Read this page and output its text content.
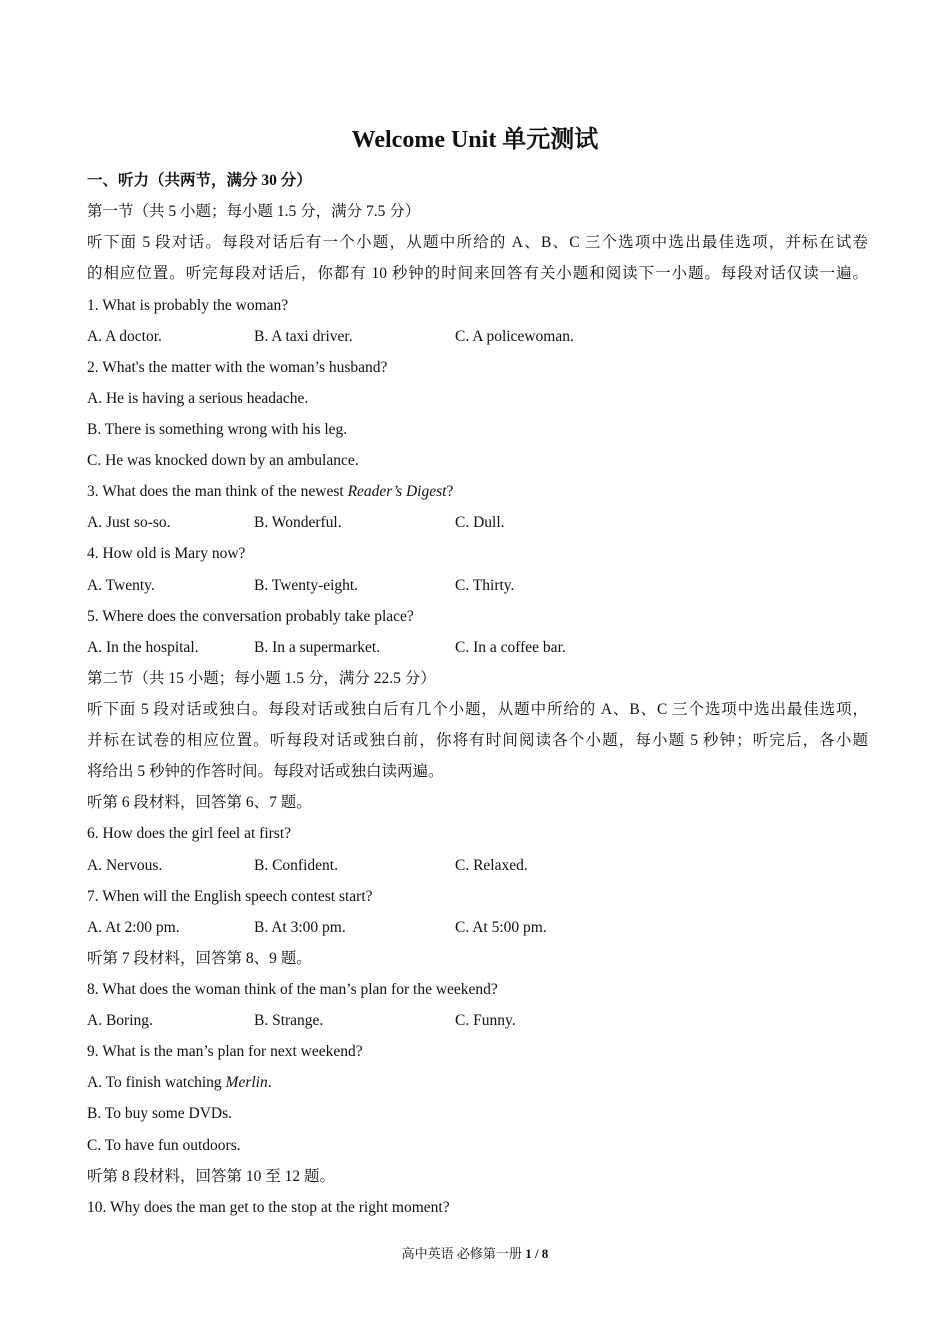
Welcome Unit 单元测试
一、听力（共两节，满分 30 分）
第一节（共 5 小题；每小题 1.5 分，满分 7.5 分）
听下面 5 段对话。每段对话后有一个小题，从题中所给的 A、B、C 三个选项中选出最佳选项，并标在试卷
的相应位置。听完每段对话后，你都有 10 秒钟的时间来回答有关小题和阅读下一小题。每段对话仅读一遍。
1. What is probably the woman?
A. A doctor.	B. A taxi driver.	C. A policewoman.
2. What's the matter with the woman’s husband?
A. He is having a serious headache.
B. There is something wrong with his leg.
C. He was knocked down by an ambulance.
3. What does the man think of the newest Reader’s Digest?
A. Just so-so.	B. Wonderful.	C. Dull.
4. How old is Mary now?
A. Twenty.	B. Twenty-eight.	C. Thirty.
5. Where does the conversation probably take place?
A. In the hospital.	B. In a supermarket.	C. In a coffee bar.
第二节（共 15 小题；每小题 1.5 分，满分 22.5 分）
听下面 5 段对话或独白。每段对话或独白后有几个小题，从题中所给的 A、B、C 三个选项中选出最佳选项，
并标在试卷的相应位置。听每段对话或独白前，你将有时间阅读各个小题，每小题 5 秒钟；听完后，各小题
将给出 5 秒钟的作答时间。每段对话或独白读两遍。
听第 6 段材料，回答第 6、7 题。
6. How does the girl feel at first?
A. Nervous.	B. Confident.	C. Relaxed.
7. When will the English speech contest start?
A. At 2:00 pm.	B. At 3:00 pm.	C. At 5:00 pm.
听第 7 段材料，回答第 8、9 题。
8. What does the woman think of the man’s plan for the weekend?
A. Boring.	B. Strange.	C. Funny.
9. What is the man’s plan for next weekend?
A. To finish watching Merlin.
B. To buy some DVDs.
C. To have fun outdoors.
听第 8 段材料，回答第 10 至 12 题。
10. Why does the man get to the stop at the right moment?
高中英语 必修第一册 1 / 8
